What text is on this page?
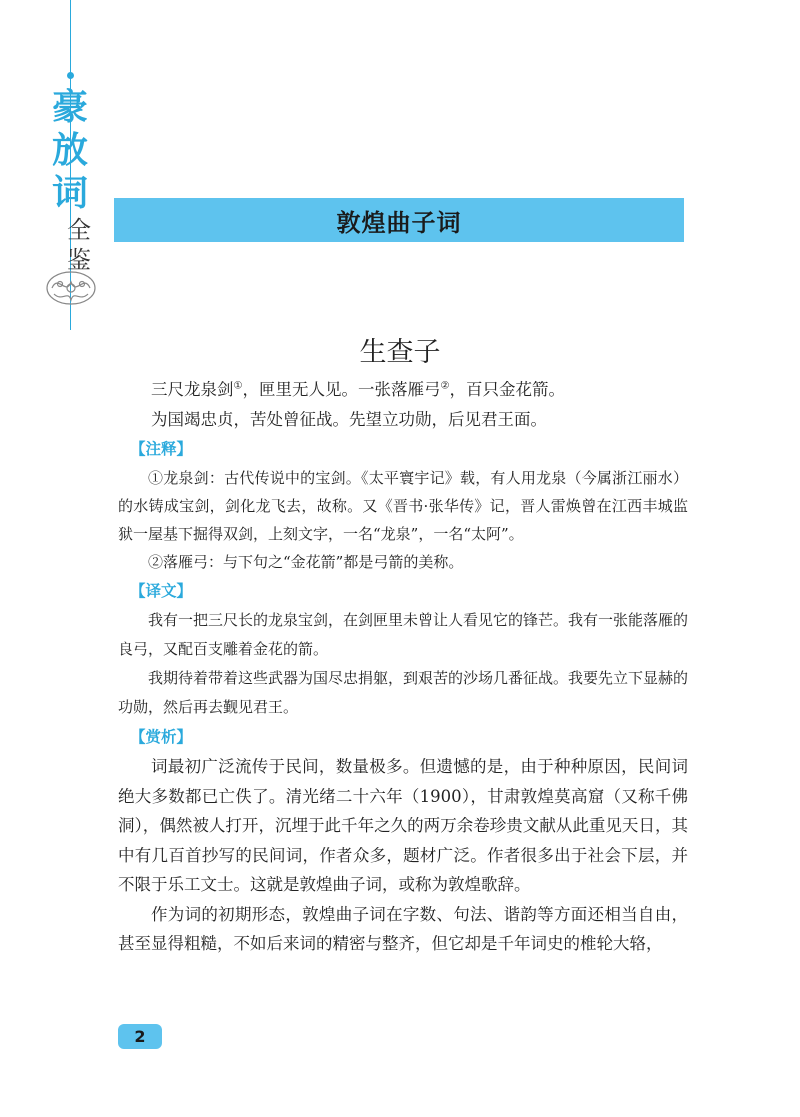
豪
放
词
全
鉴
敦煌曲子词
生查子

三尺龙泉剑①，匣里无人见。一张落雁弓②，百只金花箭。

为国竭忠贞，苦处曾征战。先望立功勋，后见君王面。

【注释】

①龙泉剑：古代传说中的宝剑。《太平寰宇记》载，有人用龙泉（今属浙江丽水）的水铸成宝剑，剑化龙飞去，故称。又《晋书·张华传》记，晋人雷焕曾在江西丰城监狱一屋基下掘得双剑，上刻文字，一名“龙泉”，一名“太阿”。

②落雁弓：与下句之“金花箭”都是弓箭的美称。

【译文】

我有一把三尺长的龙泉宝剑，在剑匣里未曾让人看见它的锋芒。我有一张能落雁的良弓，又配百支雕着金花的箭。

我期待着带着这些武器为国尽忠捐躯，到艰苦的沙场几番征战。我要先立下显赫的功勋，然后再去觐见君王。

【赏析】

词最初广泛流传于民间，数量极多。但遗憾的是，由于种种原因，民间词绝大多数都已亡佚了。清光绪二十六年（1900），甘肃敦煌莫高窟（又称千佛洞），偶然被人打开，沉埋于此千年之久的两万余卷珍贵文献从此重见天日，其中有几百首抄写的民间词，作者众多，题材广泛。作者很多出于社会下层，并不限于乐工文士。这就是敦煌曲子词，或称为敦煌歌辞。

作为词的初期形态，敦煌曲子词在字数、句法、谐韵等方面还相当自由，甚至显得粗糙，不如后来词的精密与整齐，但它却是千年词史的椎轮大辂，

2
